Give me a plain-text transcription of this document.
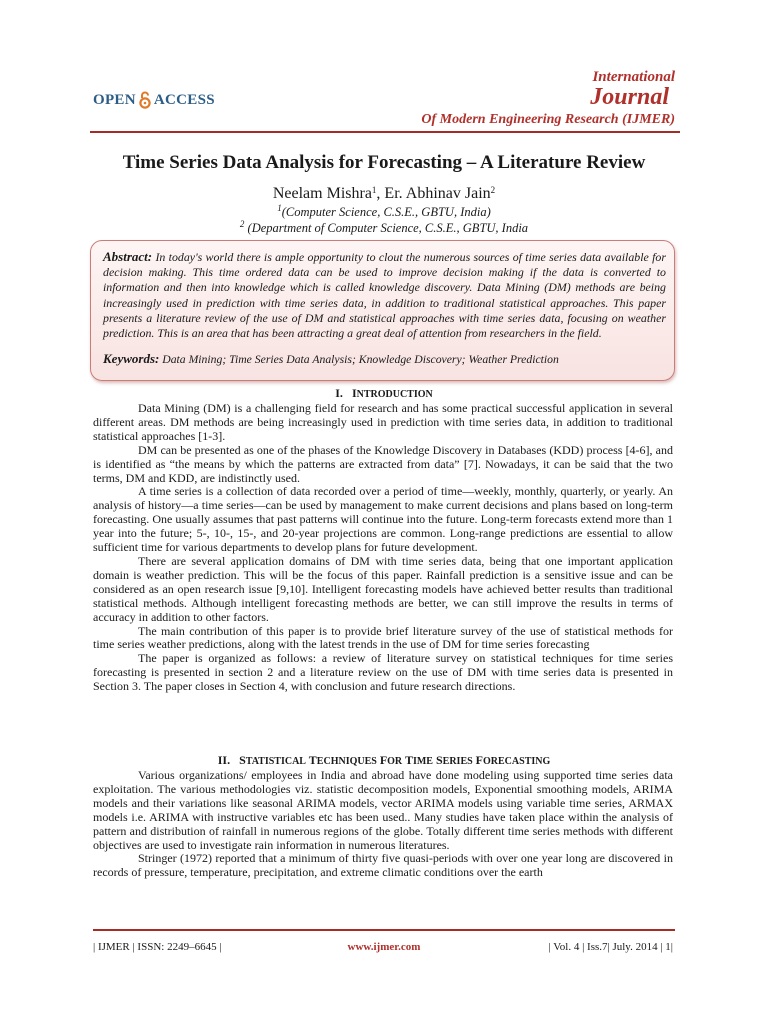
OPEN ACCESS
International
Journal
Of Modern Engineering Research (IJMER)
Time Series Data Analysis for Forecasting – A Literature Review
Neelam Mishra$^1$, Er. Abhinav Jain$^2$
$^1$(Computer Science, C.S.E., GBTU, India)
$^2$ (Department of Computer Science, C.S.E., GBTU, India
Abstract: In today's world there is ample opportunity to clout the numerous sources of time series data available for decision making. This time ordered data can be used to improve decision making if the data is converted to information and then into knowledge which is called knowledge discovery. Data Mining (DM) methods are being increasingly used in prediction with time series data, in addition to traditional statistical approaches. This paper presents a literature review of the use of DM and statistical approaches with time series data, focusing on weather prediction. This is an area that has been attracting a great deal of attention from researchers in the field.
Keywords: Data Mining; Time Series Data Analysis; Knowledge Discovery; Weather Prediction
I. INTRODUCTION

Data Mining (DM) is a challenging field for research and has some practical successful application in several different areas. DM methods are being increasingly used in prediction with time series data, in addition to traditional statistical approaches [1-3].

DM can be presented as one of the phases of the Knowledge Discovery in Databases (KDD) process [4-6], and is identified as “the means by which the patterns are extracted from data” [7]. Nowadays, it can be said that the two terms, DM and KDD, are indistinctly used.

A time series is a collection of data recorded over a period of time—weekly, monthly, quarterly, or yearly. An analysis of history—a time series—can be used by management to make current decisions and plans based on long-term forecasting. One usually assumes that past patterns will continue into the future. Long-term forecasts extend more than 1 year into the future; 5-, 10-, 15-, and 20-year projections are common. Long-range predictions are essential to allow sufficient time for various departments to develop plans for future development.

There are several application domains of DM with time series data, being that one important application domain is weather prediction. This will be the focus of this paper. Rainfall prediction is a sensitive issue and can be considered as an open research issue [9,10]. Intelligent forecasting models have achieved better results than traditional statistical methods. Although intelligent forecasting methods are better, we can still improve the results in terms of accuracy in addition to other factors.

The main contribution of this paper is to provide brief literature survey of the use of statistical methods for time series weather predictions, along with the latest trends in the use of DM for time series forecasting

The paper is organized as follows: a review of literature survey on statistical techniques for time series forecasting is presented in section 2 and a literature review on the use of DM with time series data is presented in Section 3. The paper closes in Section 4, with conclusion and future research directions.

II. STATISTICAL TECHNIQUES FOR TIME SERIES FORECASTING

Various organizations/ employees in India and abroad have done modeling using supported time series data exploitation. The various methodologies viz. statistic decomposition models, Exponential smoothing models, ARIMA models and their variations like seasonal ARIMA models, vector ARIMA models using variable time series, ARMAX models i.e. ARIMA with instructive variables etc has been used.. Many studies have taken place within the analysis of pattern and distribution of rainfall in numerous regions of the globe. Totally different time series methods with different objectives are used to investigate rain information in numerous literatures.

Stringer (1972) reported that a minimum of thirty five quasi-periods with over one year long are discovered in records of pressure, temperature, precipitation, and extreme climatic conditions over the earth

| IJMER | ISSN: 2249–6645 |	www.ijmer.com	| Vol. 4 | Iss.7| July. 2014 | 1|
